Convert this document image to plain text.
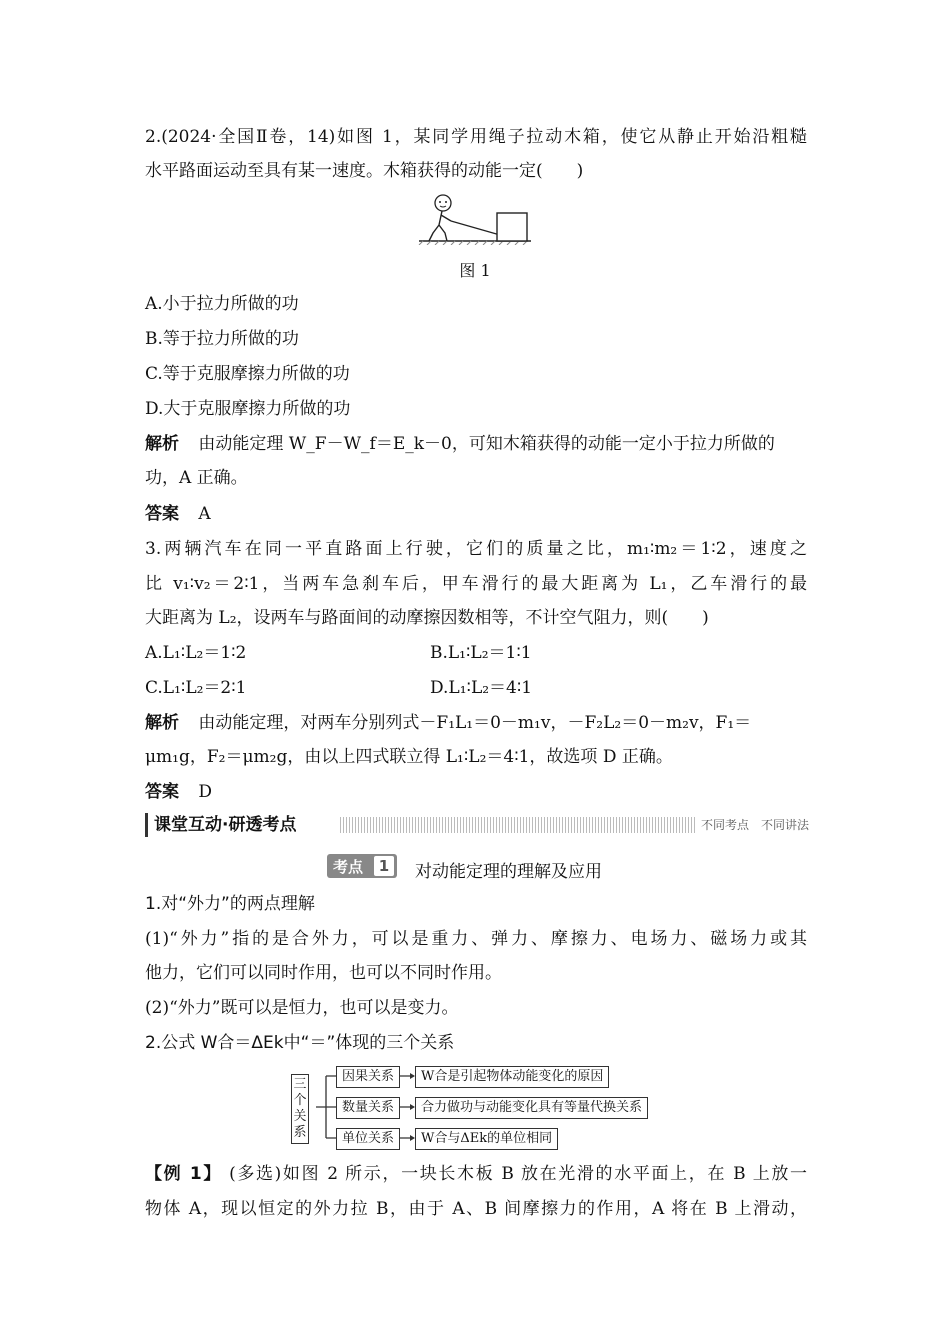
2.(2024·全国Ⅱ卷，14)如图 1，某同学用绳子拉动木箱，使它从静止开始沿粗糙
水平路面运动至具有某一速度。木箱获得的动能一定(　　)
图 1
A.小于拉力所做的功
B.等于拉力所做的功
C.等于克服摩擦力所做的功
D.大于克服摩擦力所做的功
解析 由动能定理 W_F－W_f＝E_k－0，可知木箱获得的动能一定小于拉力所做的
功，A 正确。
答案 A
3.两辆汽车在同一平直路面上行驶，它们的质量之比，m₁∶m₂＝1∶2，速度之
比 v₁∶v₂＝2∶1，当两车急刹车后，甲车滑行的最大距离为 L₁，乙车滑行的最
大距离为 L₂，设两车与路面间的动摩擦因数相等，不计空气阻力，则(　　)
A.L₁∶L₂＝1∶2	B.L₁∶L₂＝1∶1
C.L₁∶L₂＝2∶1	D.L₁∶L₂＝4∶1
解析 由动能定理，对两车分别列式－F₁L₁＝0－m₁v，－F₂L₂＝0－m₂v，F₁＝
μm₁g，F₂＝μm₂g，由以上四式联立得 L₁∶L₂＝4∶1，故选项 D 正确。
答案 D
课堂互动·研透考点	不同考点　不同讲法
考点	1 对动能定理的理解及应用
1.对“外力”的两点理解
(1)“外力”指的是合外力，可以是重力、弹力、摩擦力、电场力、磁场力或其
他力，它们可以同时作用，也可以不同时作用。
(2)“外力”既可以是恒力，也可以是变力。
2.公式 W合＝ΔEk中“＝”体现的三个关系
三个关系
因果关系	W合是引起物体动能变化的原因
数量关系	合力做功与动能变化具有等量代换关系
单位关系	W合与ΔEk的单位相同
【例 1】 (多选)如图 2 所示，一块长木板 B 放在光滑的水平面上，在 B 上放一
物体 A，现以恒定的外力拉 B，由于 A、B 间摩擦力的作用，A 将在 B 上滑动，
